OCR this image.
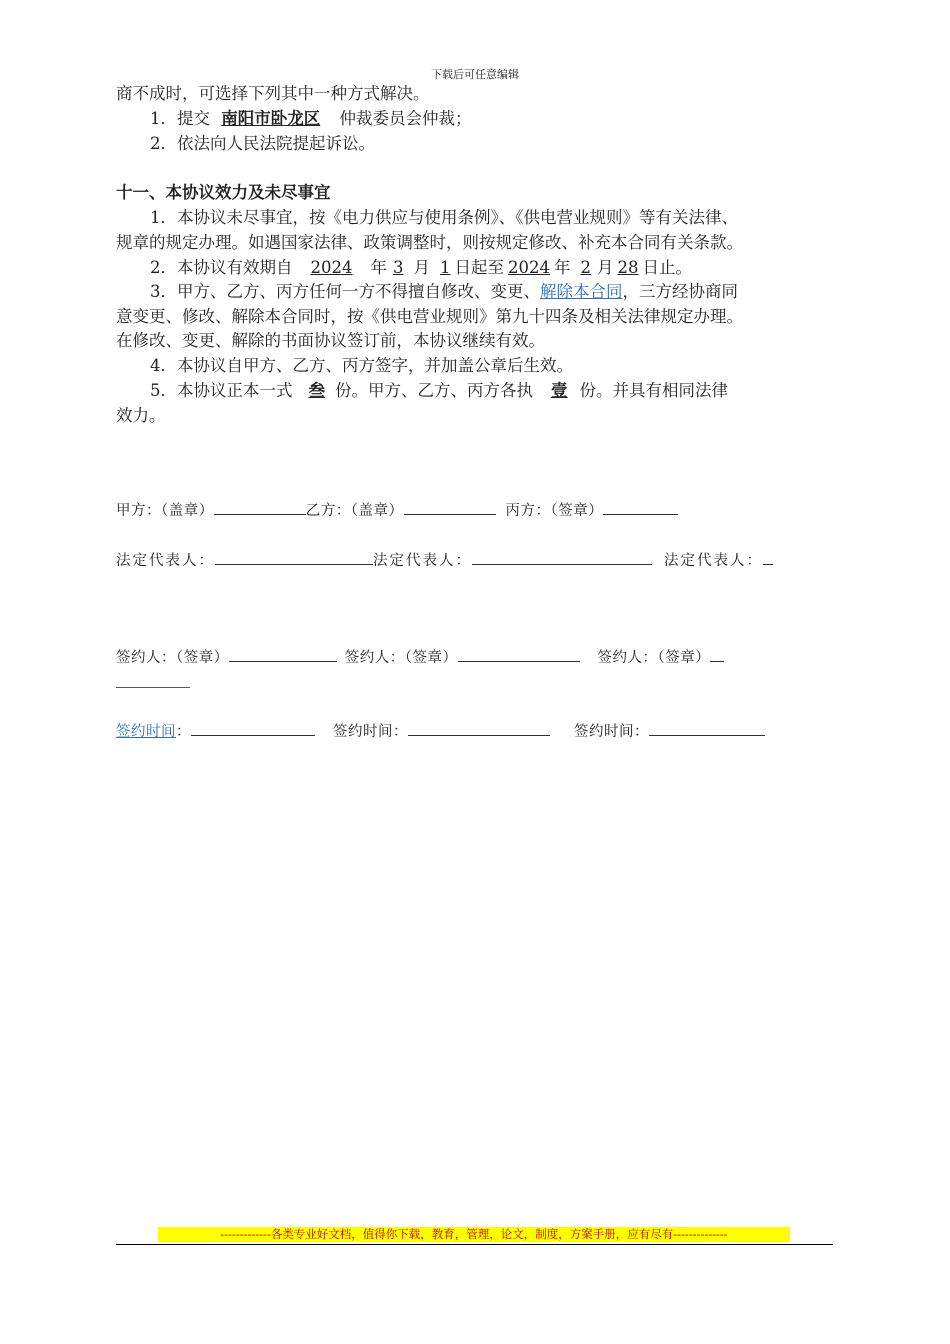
下载后可任意编辑
商不成时，可选择下列其中一种方式解决。
1．提交 南阳市卧龙区 仲裁委员会仲裁；
2．依法向人民法院提起诉讼。
十一、本协议效力及未尽事宜
1．本协议未尽事宜，按《电力供应与使用条例》、《供电营业规则》等有关法律、
规章的规定办理。如遇国家法律、政策调整时，则按规定修改、补充本合同有关条款。
2．本协议有效期自 2024 年 3 月 1 日起至 2024 年 2 月 28 日止。
3．甲方、乙方、丙方任何一方不得擅自修改、变更、解除本合同，三方经协商同
意变更、修改、解除本合同时，按《供电营业规则》第九十四条及相关法律规定办理。
在修改、变更、解除的书面协议签订前，本协议继续有效。
4．本协议自甲方、乙方、丙方签字，并加盖公章后生效。
5．本协议正本一式 叁 份。甲方、乙方、丙方各执 壹 份。并具有相同法律
效力。
甲方：（盖章）	乙方：（盖章）	丙方：（签章）
法定代表人：	法定代表人：	法定代表人：
签约人：（签章）	签约人：（签章）	签约人：（签章）
签约时间：	签约时间：	签约时间：
-------------各类专业好文档，值得你下载，教育，管理，论文，制度，方案手册，应有尽有--------------
